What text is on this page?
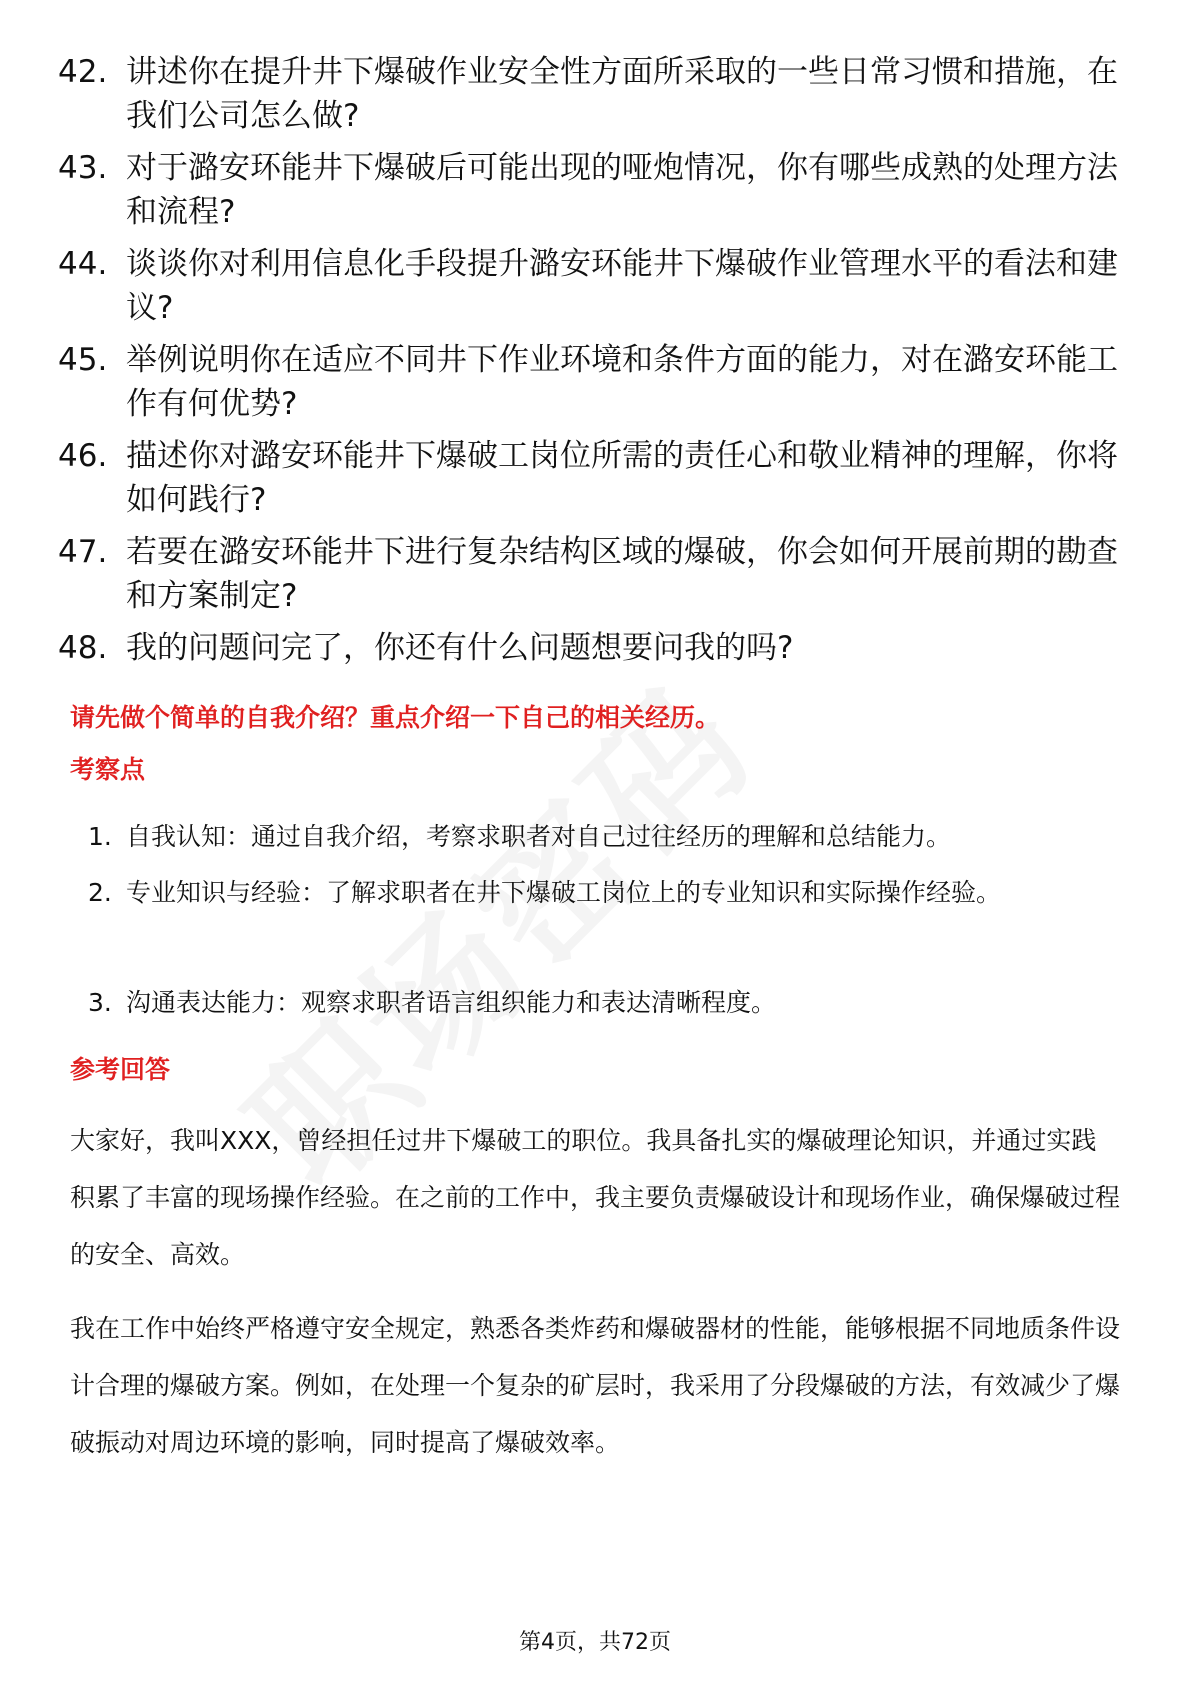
42. 讲述你在提升井下爆破作业安全性方面所采取的一些日常习惯和措施，在我们公司怎么做?
43. 对于潞安环能井下爆破后可能出现的哑炮情况，你有哪些成熟的处理方法和流程?
44. 谈谈你对利用信息化手段提升潞安环能井下爆破作业管理水平的看法和建议?
45. 举例说明你在适应不同井下作业环境和条件方面的能力，对在潞安环能工作有何优势?
46. 描述你对潞安环能井下爆破工岗位所需的责任心和敬业精神的理解，你将如何践行?
47. 若要在潞安环能井下进行复杂结构区域的爆破，你会如何开展前期的勘查和方案制定?
48. 我的问题问完了，你还有什么问题想要问我的吗?
请先做个简单的自我介绍？重点介绍一下自己的相关经历。
考察点
1. 自我认知：通过自我介绍，考察求职者对自己过往经历的理解和总结能力。
2. 专业知识与经验：了解求职者在井下爆破工岗位上的专业知识和实际操作经验。
3. 沟通表达能力：观察求职者语言组织能力和表达清晰程度。
参考回答
大家好，我叫XXX，曾经担任过井下爆破工的职位。我具备扎实的爆破理论知识，并通过实践积累了丰富的现场操作经验。在之前的工作中，我主要负责爆破设计和现场作业，确保爆破过程的安全、高效。
我在工作中始终严格遵守安全规定，熟悉各类炸药和爆破器材的性能，能够根据不同地质条件设计合理的爆破方案。例如，在处理一个复杂的矿层时，我采用了分段爆破的方法，有效减少了爆破振动对周边环境的影响，同时提高了爆破效率。
第4页，共72页
